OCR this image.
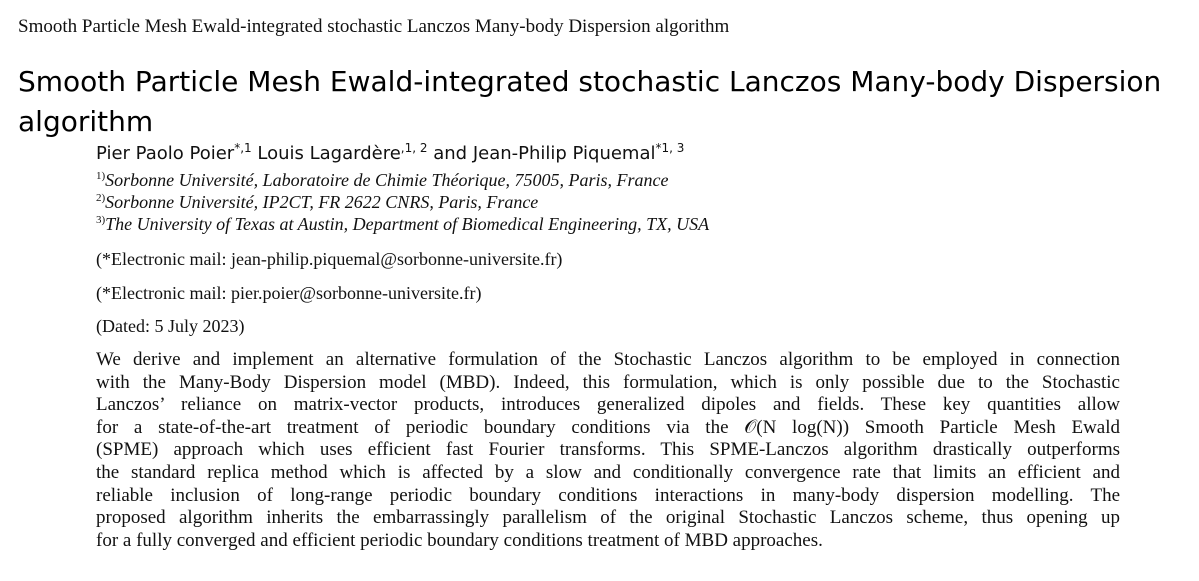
Smooth Particle Mesh Ewald-integrated stochastic Lanczos Many-body Dispersion algorithm
Smooth Particle Mesh Ewald-integrated stochastic Lanczos Many-body Dispersion algorithm
Pier Paolo Poier$^{*,1}$ Louis Lagardère$^{,1, 2}$ and Jean-Philip Piquemal$^{*1, 3}$
$^{1)}$Sorbonne Université, Laboratoire de Chimie Théorique, 75005, Paris, France
$^{2)}$Sorbonne Université, IP2CT, FR 2622 CNRS, Paris, France
$^{3)}$The University of Texas at Austin, Department of Biomedical Engineering, TX, USA
(*Electronic mail: jean-philip.piquemal@sorbonne-universite.fr)
(*Electronic mail: pier.poier@sorbonne-universite.fr)
(Dated: 5 July 2023)
We derive and implement an alternative formulation of the Stochastic Lanczos algorithm to be employed in connection
with the Many-Body Dispersion model (MBD). Indeed, this formulation, which is only possible due to the Stochastic
Lanczos’ reliance on matrix-vector products, introduces generalized dipoles and fields. These key quantities allow
for a state-of-the-art treatment of periodic boundary conditions via the 𝒪(N log(N)) Smooth Particle Mesh Ewald
(SPME) approach which uses efficient fast Fourier transforms. This SPME-Lanczos algorithm drastically outperforms
the standard replica method which is affected by a slow and conditionally convergence rate that limits an efficient and
reliable inclusion of long-range periodic boundary conditions interactions in many-body dispersion modelling. The
proposed algorithm inherits the embarrassingly parallelism of the original Stochastic Lanczos scheme, thus opening up
for a fully converged and efficient periodic boundary conditions treatment of MBD approaches.
